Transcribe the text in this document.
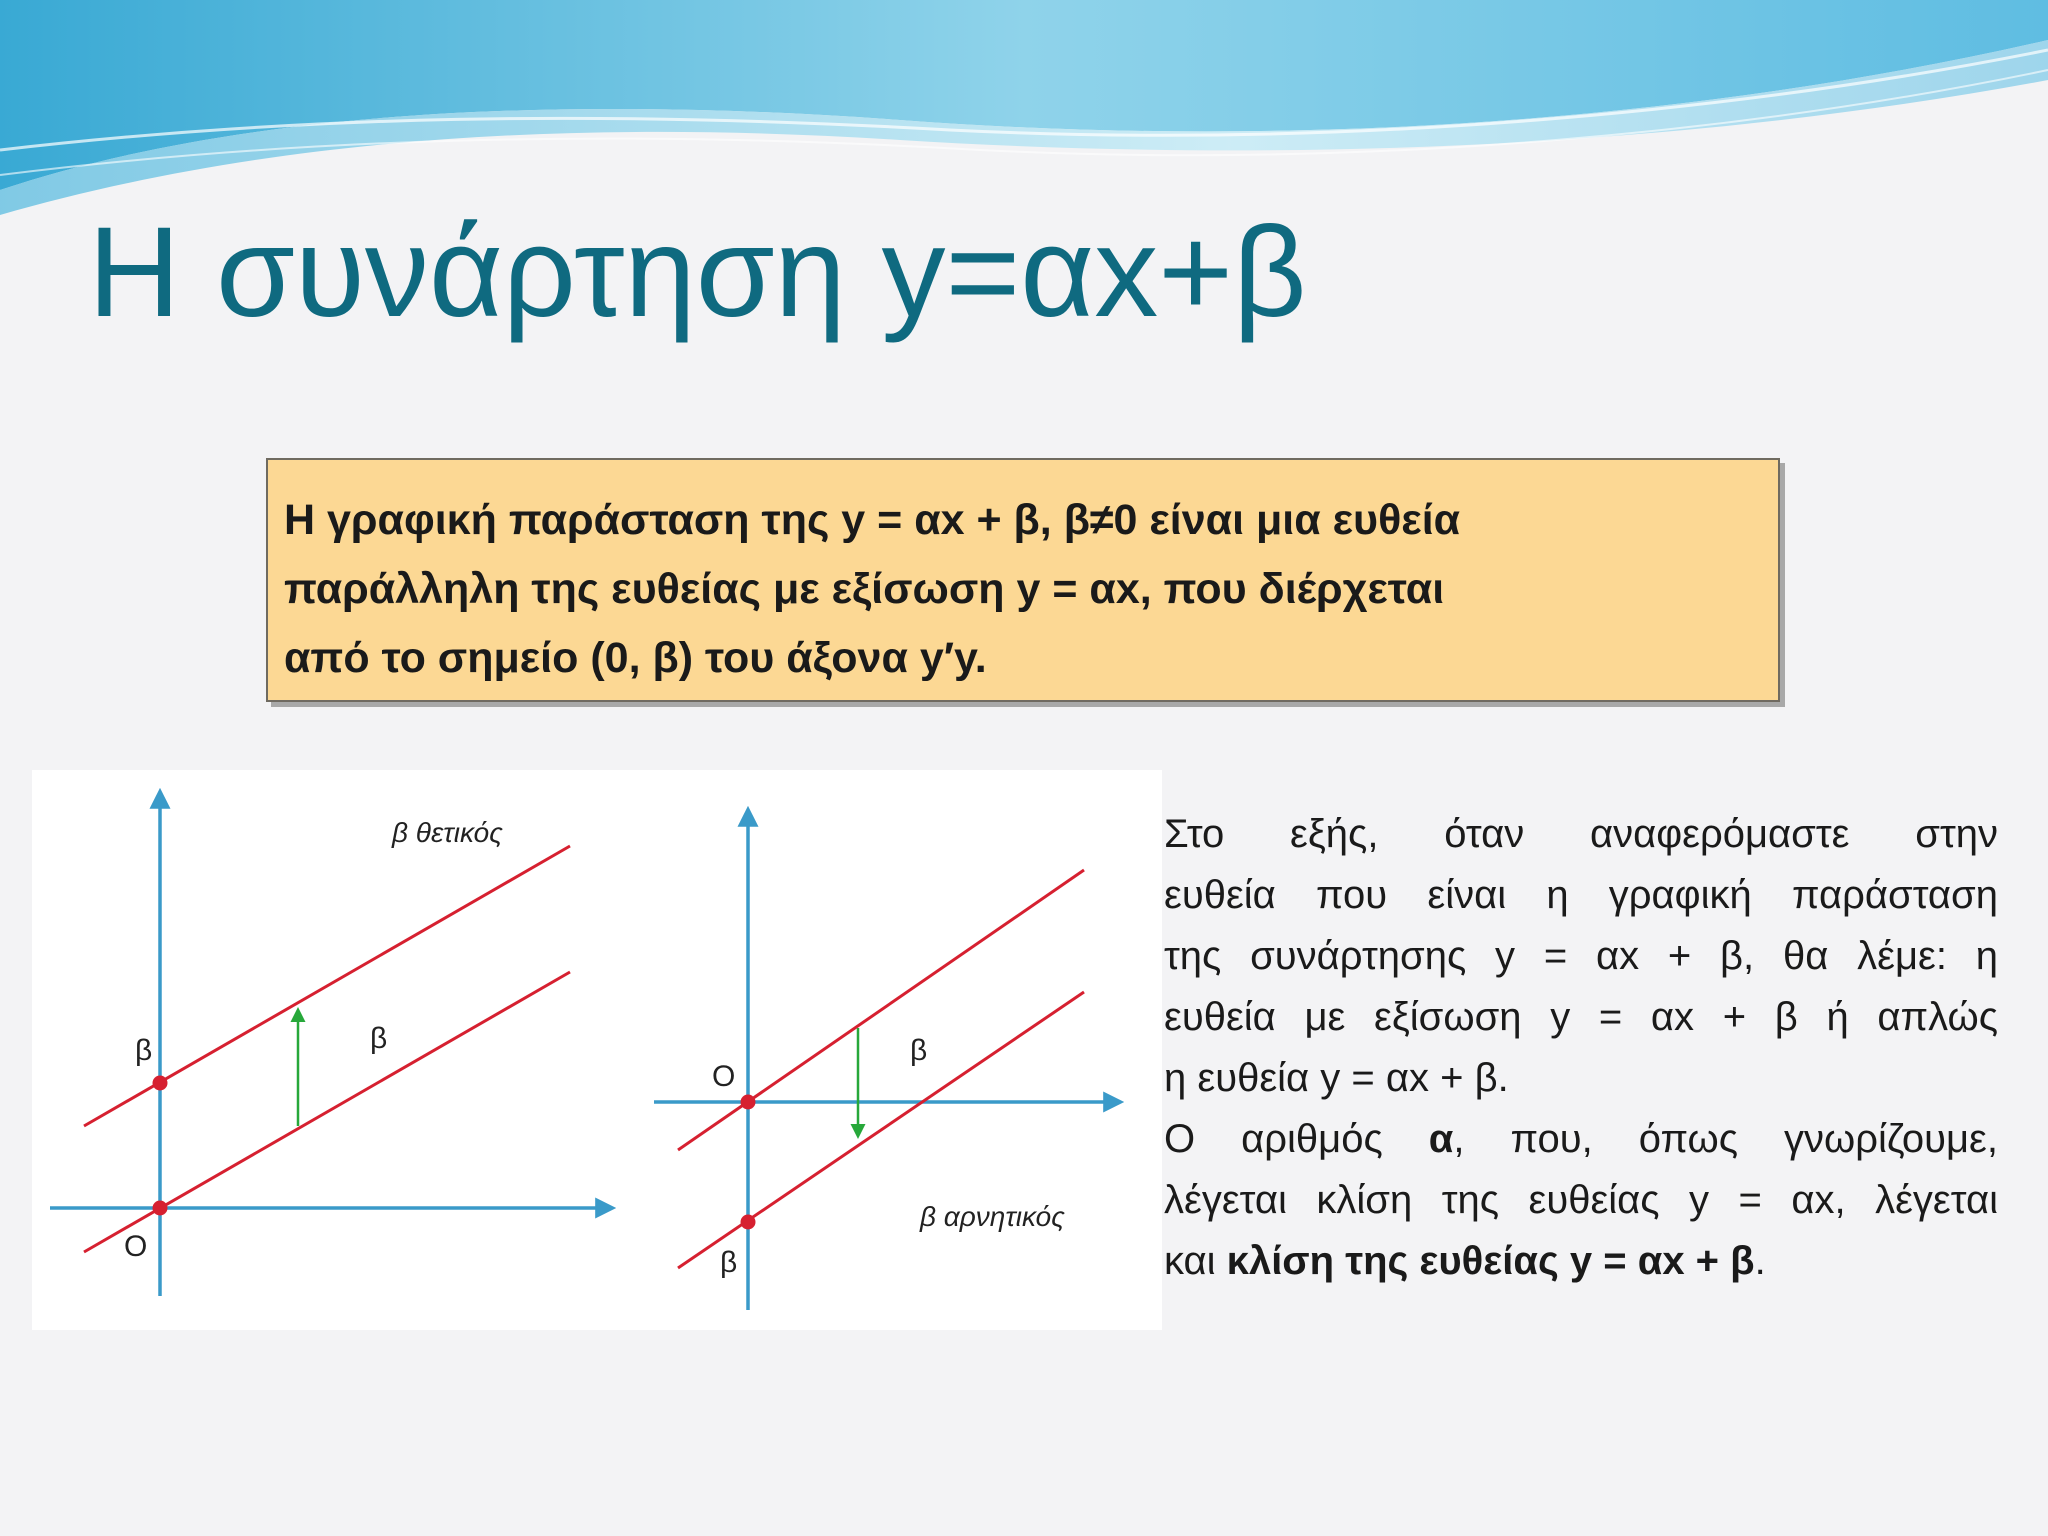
Η συνάρτηση y=αx+β
Η γραφική παράσταση της y = αx + β, β≠0 είναι μια ευθεία
παράλληλη της ευθείας με εξίσωση y = αx, που διέρχεται
από το σημείο (0, β) του άξονα y′y.
β θετικός
β	β
O
O
β
β αρνητικός
β
Στο εξής, όταν αναφερόμαστε στην
ευθεία που είναι η γραφική παράσταση
της συνάρτησης y = αx + β, θα λέμε: η
ευθεία με εξίσωση y = αx + β ή απλώς
η ευθεία y = αx + β.
Ο αριθμός α, που, όπως γνωρίζουμε,
λέγεται κλίση της ευθείας y = αx, λέγεται
και κλίση της ευθείας y = αx + β.
